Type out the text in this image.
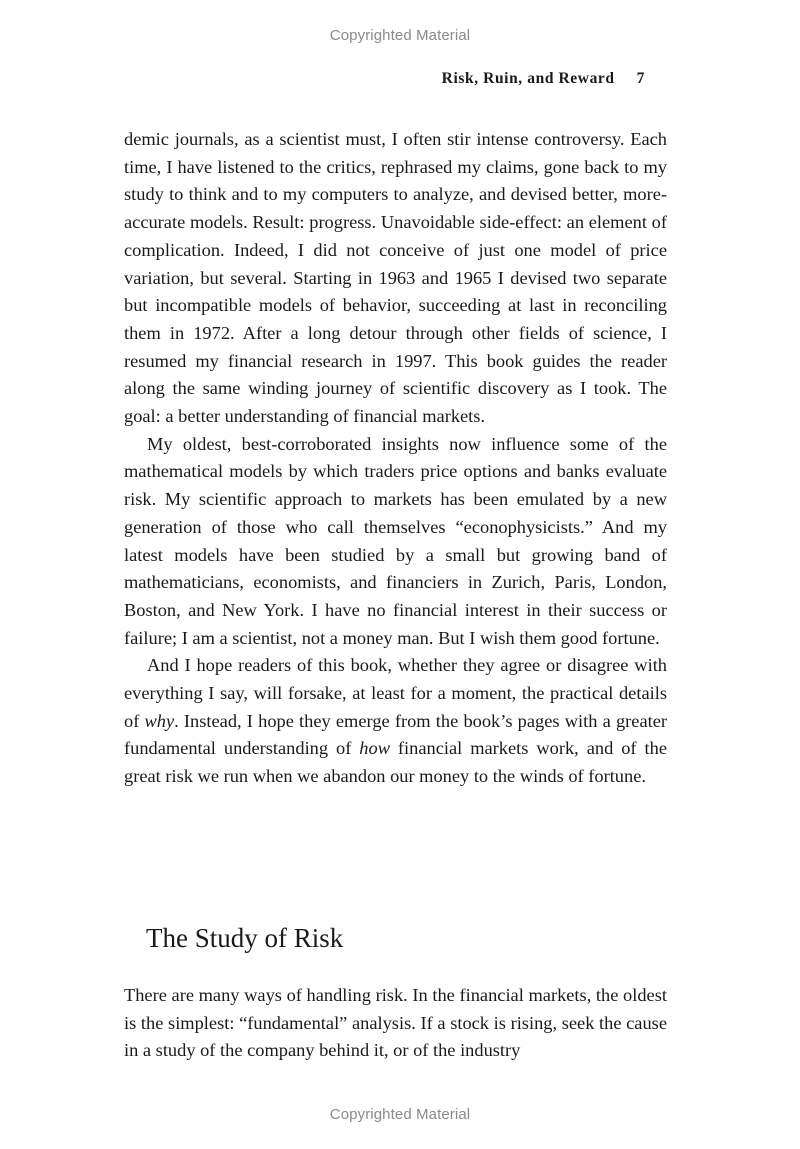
Copyrighted Material
Risk, Ruin, and Reward 7

demic journals, as a scientist must, I often stir intense controversy. Each time, I have listened to the critics, rephrased my claims, gone back to my study to think and to my computers to analyze, and devised better, more-accurate models. Result: progress. Unavoidable side-effect: an element of complication. Indeed, I did not conceive of just one model of price variation, but several. Starting in 1963 and 1965 I devised two separate but incompatible models of behavior, succeeding at last in reconciling them in 1972. After a long detour through other fields of science, I resumed my financial research in 1997. This book guides the reader along the same winding journey of scientific discovery as I took. The goal: a better understanding of financial markets.

My oldest, best-corroborated insights now influence some of the mathematical models by which traders price options and banks evaluate risk. My scientific approach to markets has been emulated by a new generation of those who call themselves “econophysicists.” And my latest models have been studied by a small but growing band of mathematicians, economists, and financiers in Zurich, Paris, London, Boston, and New York. I have no financial interest in their success or failure; I am a scientist, not a money man. But I wish them good fortune.

And I hope readers of this book, whether they agree or disagree with everything I say, will forsake, at least for a moment, the practical details of why. Instead, I hope they emerge from the book’s pages with a greater fundamental understanding of how financial markets work, and of the great risk we run when we abandon our money to the winds of fortune.

The Study of Risk

There are many ways of handling risk. In the financial markets, the oldest is the simplest: “fundamental” analysis. If a stock is rising, seek the cause in a study of the company behind it, or of the industry

Copyrighted Material
